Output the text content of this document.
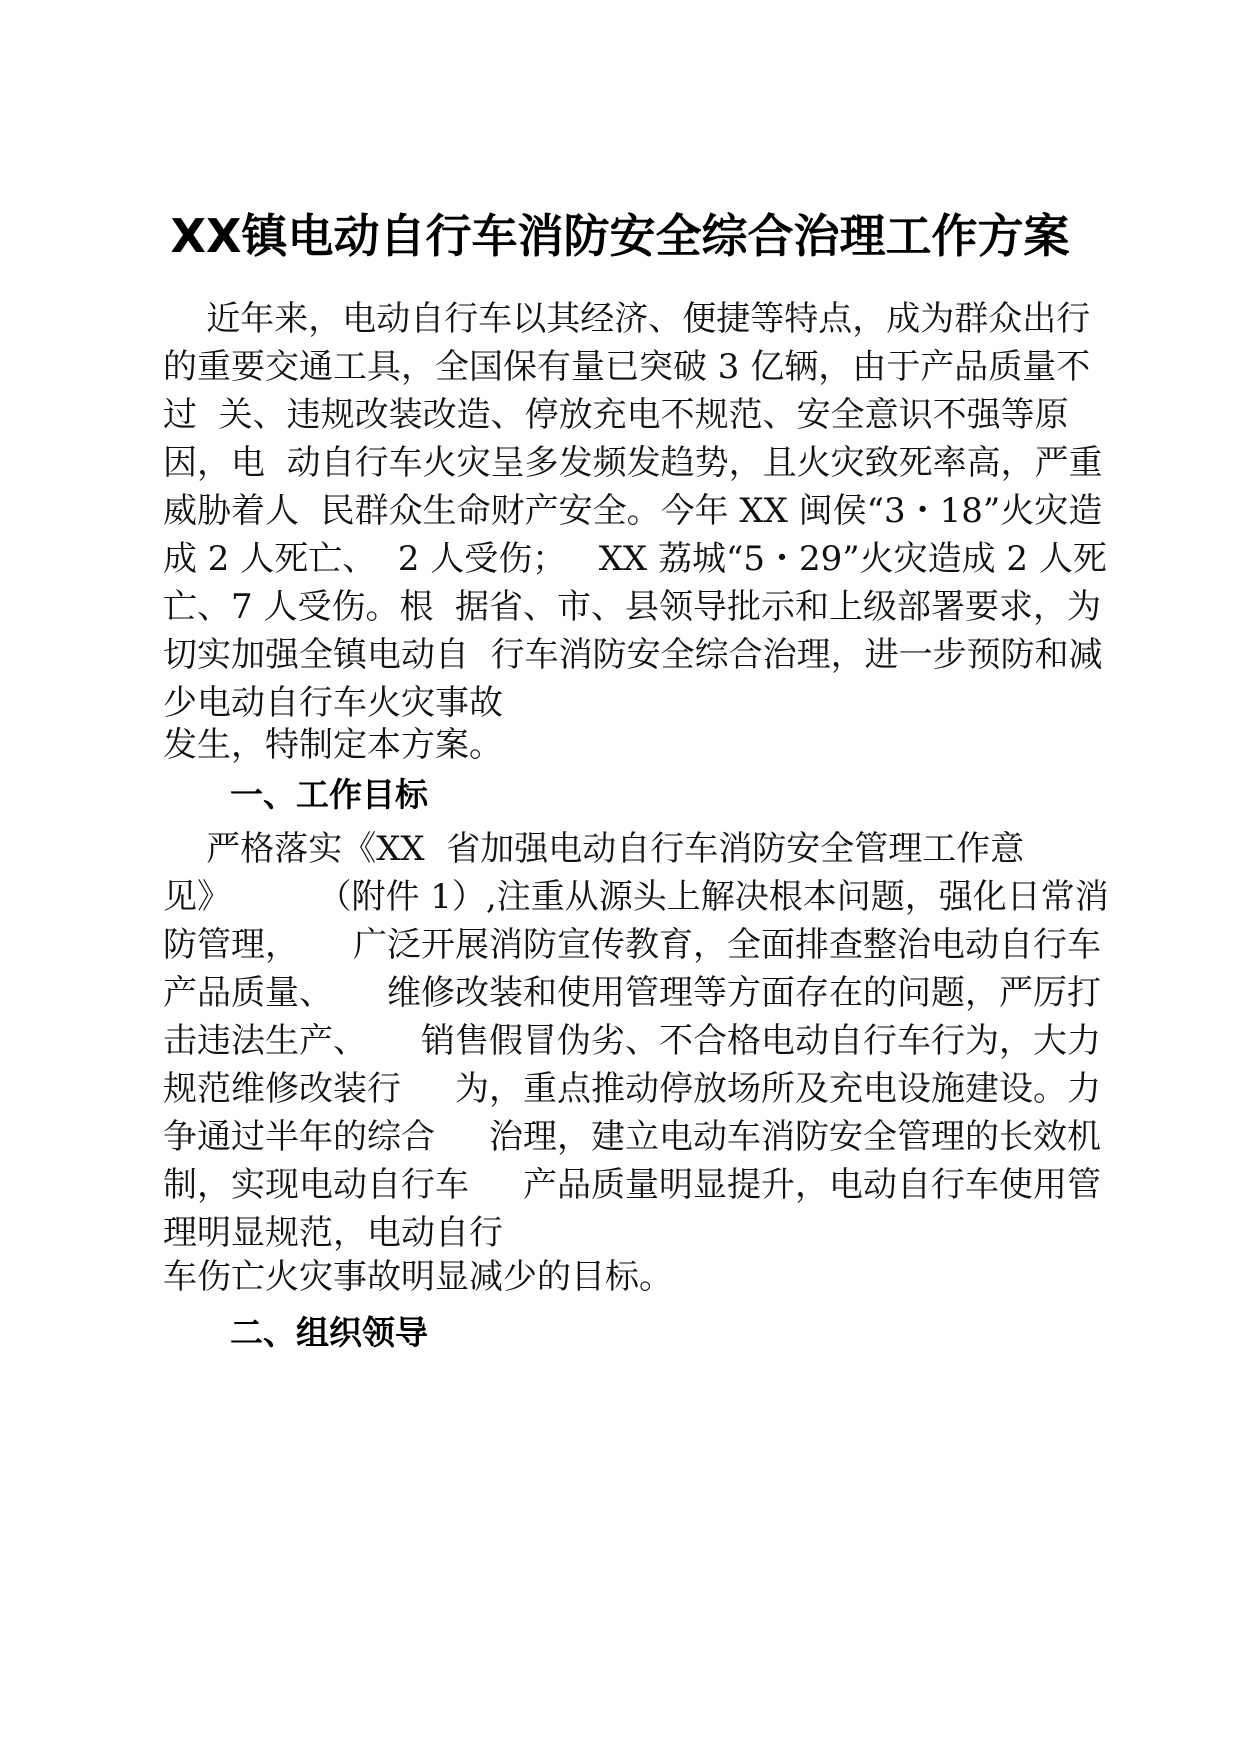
XX镇电动自行车消防安全综合治理工作方案
近年来，电动自行车以其经济、便捷等特点，成为群众出行
的重要交通工具，全国保有量已突破 3 亿辆，由于产品质量不
过  关、违规改装改造、停放充电不规范、安全意识不强等原
因，电  动自行车火灾呈多发频发趋势，且火灾致死率高，严重
威胁着人  民群众生命财产安全。今年 XX 闽侯“3・18”火灾造
成 2 人死亡、  2 人受伤；   XX 荔城“5・29”火灾造成 2 人死
亡、7 人受伤。根  据省、市、县领导批示和上级部署要求，为
切实加强全镇电动自  行车消防安全综合治理，进一步预防和减
少电动自行车火灾事故
发生，特制定本方案。
一、工作目标
严格落实《XX  省加强电动自行车消防安全管理工作意
见》        （附件 1）,注重从源头上解决根本问题，强化日常消
防管理，     广泛开展消防宣传教育，全面排查整治电动自行车
产品质量、     维修改装和使用管理等方面存在的问题，严厉打
击违法生产、     销售假冒伪劣、不合格电动自行车行为，大力
规范维修改装行     为，重点推动停放场所及充电设施建设。力
争通过半年的综合     治理，建立电动车消防安全管理的长效机
制，实现电动自行车     产品质量明显提升，电动自行车使用管
理明显规范，电动自行
车伤亡火灾事故明显减少的目标。
二、组织领导
